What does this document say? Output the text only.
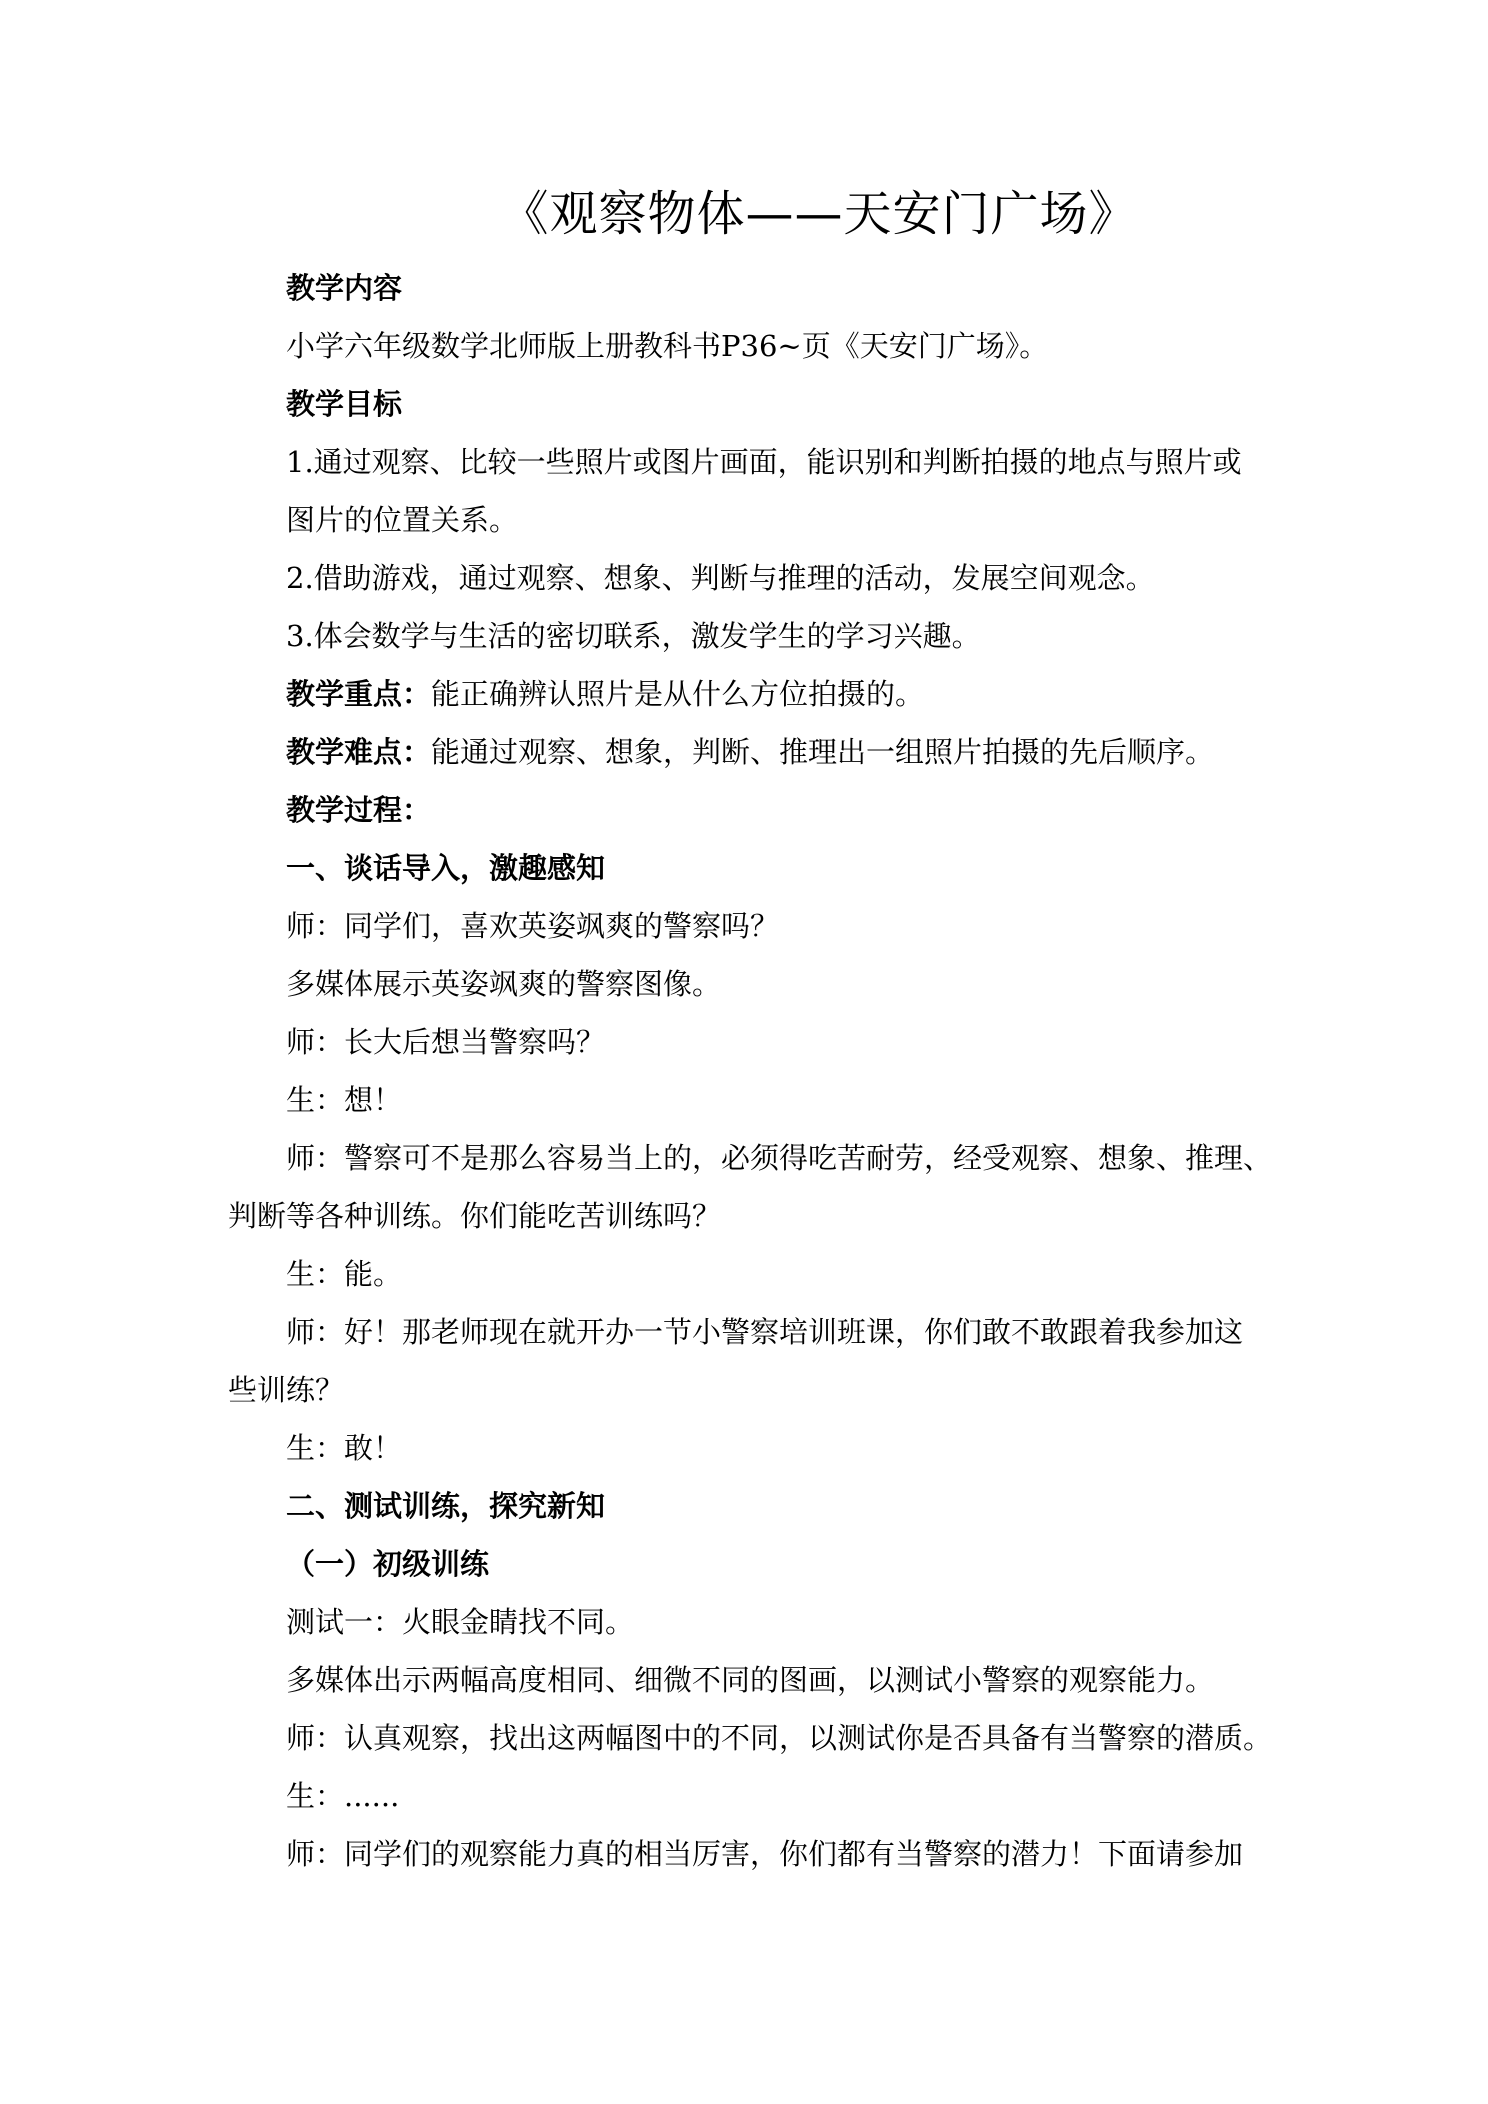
《观察物体——天安门广场》
教学内容
小学六年级数学北师版上册教科书P36~页《天安门广场》。
教学目标
1.通过观察、比较一些照片或图片画面，能识别和判断拍摄的地点与照片或
图片的位置关系。
2.借助游戏，通过观察、想象、判断与推理的活动，发展空间观念。
3.体会数学与生活的密切联系，激发学生的学习兴趣。
教学重点：能正确辨认照片是从什么方位拍摄的。
教学难点：能通过观察、想象，判断、推理出一组照片拍摄的先后顺序。
教学过程：
一、谈话导入，激趣感知
师：同学们，喜欢英姿飒爽的警察吗？
多媒体展示英姿飒爽的警察图像。
师：长大后想当警察吗？
生：想！
师：警察可不是那么容易当上的，必须得吃苦耐劳，经受观察、想象、推理、
判断等各种训练。你们能吃苦训练吗？
生：能。
师：好！那老师现在就开办一节小警察培训班课，你们敢不敢跟着我参加这
些训练？
生：敢！
二、测试训练，探究新知
（一）初级训练
测试一：火眼金睛找不同。
多媒体出示两幅高度相同、细微不同的图画，以测试小警察的观察能力。
师：认真观察，找出这两幅图中的不同，以测试你是否具备有当警察的潜质。
生：......
师：同学们的观察能力真的相当厉害，你们都有当警察的潜力！下面请参加
